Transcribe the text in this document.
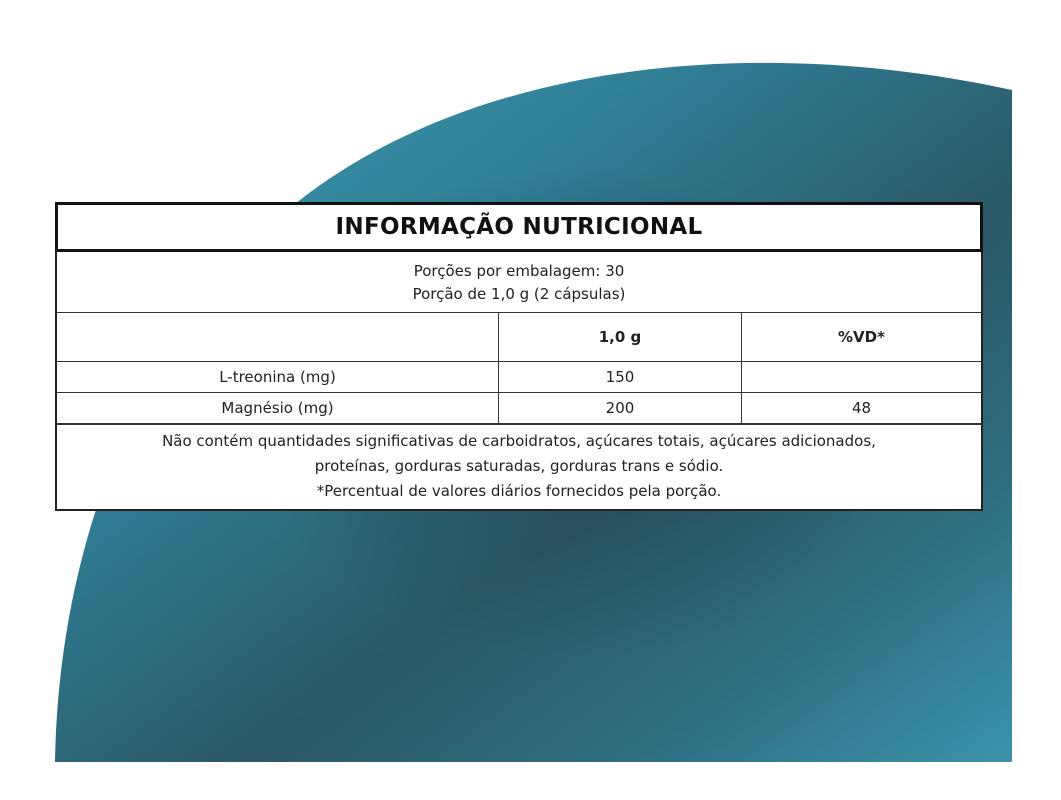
INFORMAÇÃO NUTRICIONAL
Porções por embalagem: 30
Porção de 1,0 g (2 cápsulas)
	1,0 g	%VD*
L-treonina (mg)	150	
Magnésio (mg)	200	48
Não contém quantidades significativas de carboidratos, açúcares totais, açúcares adicionados,
proteínas, gorduras saturadas, gorduras trans e sódio.
*Percentual de valores diários fornecidos pela porção.
